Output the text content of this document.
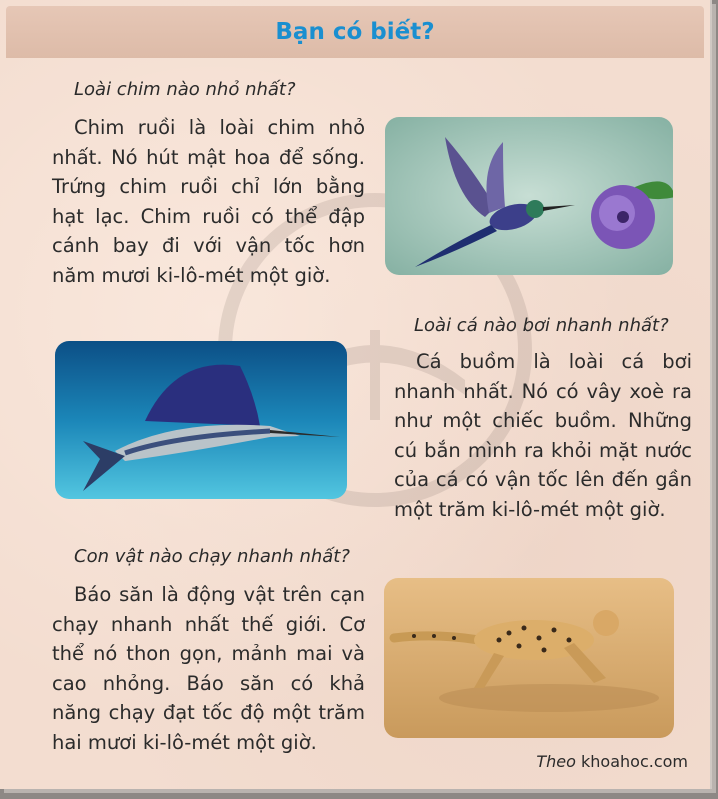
Bạn có biết?
Loài chim nào nhỏ nhất?
Chim ruồi là loài chim nhỏ nhất. Nó hút mật hoa để sống. Trứng chim ruồi chỉ lớn bằng hạt lạc. Chim ruồi có thể đập cánh bay đi với vận tốc hơn năm mươi ki-lô-mét một giờ.
Loài cá nào bơi nhanh nhất?
Cá buồm là loài cá bơi nhanh nhất. Nó có vây xoè ra như một chiếc buồm. Những cú bắn mình ra khỏi mặt nước của cá có vận tốc lên đến gần một trăm ki-lô-mét một giờ.
Con vật nào chạy nhanh nhất?
Báo săn là động vật trên cạn chạy nhanh nhất thế giới. Cơ thể nó thon gọn, mảnh mai và cao nhỏng. Báo săn có khả năng chạy đạt tốc độ một trăm hai mươi ki-lô-mét một giờ.
Theo khoahoc.com
